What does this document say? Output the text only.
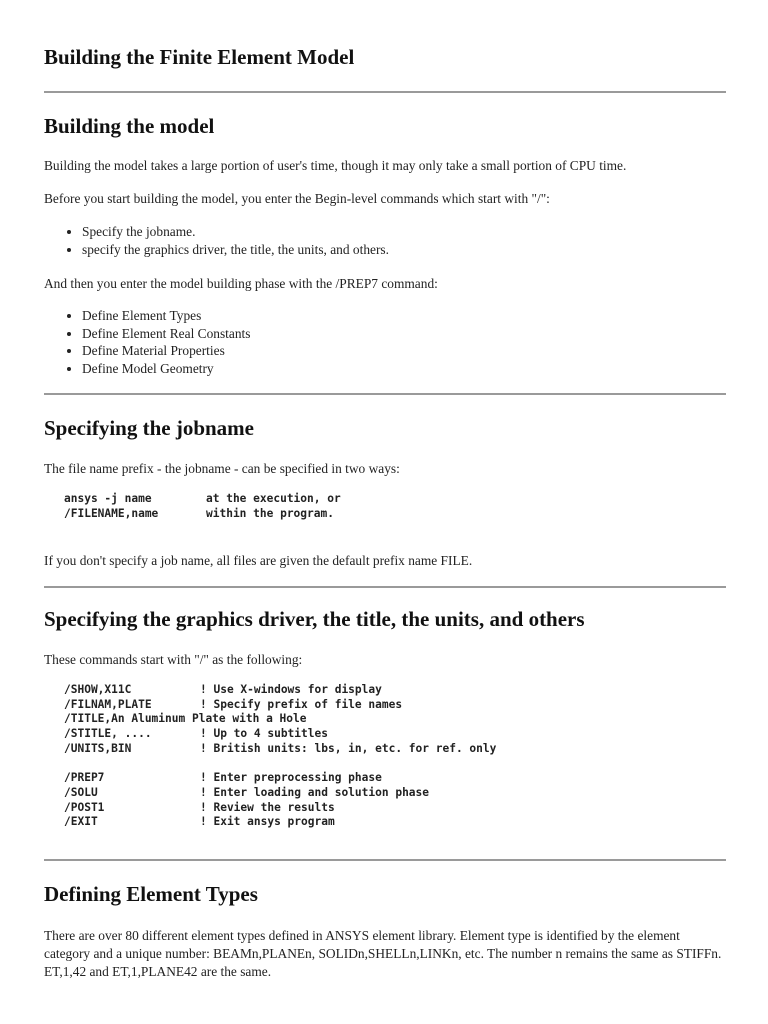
Building the Finite Element Model
Building the model

Building the model takes a large portion of user's time, though it may only take a small portion of CPU time.

Before you start building the model, you enter the Begin-level commands which start with "/":

• Specify the jobname.
• specify the graphics driver, the title, the units, and others.

And then you enter the model building phase with the /PREP7 command:

• Define Element Types
• Define Element Real Constants
• Define Material Properties
• Define Model Geometry
Specifying the jobname

The file name prefix - the jobname - can be specified in two ways:

ansys -j name	at the execution, or
/FILENAME,name	within the program.

If you don't specify a job name, all files are given the default prefix name FILE.

Specifying the graphics driver, the title, the units, and others

These commands start with "/" as the following:

/SHOW,X11C	! Use X-windows for display
/FILNAM,PLATE	! Specify prefix of file names
/TITLE,An Aluminum Plate with a Hole
/STITLE, ....	! Up to 4 subtitles
/UNITS,BIN	! British units: lbs, in, etc. for ref. only

/PREP7	! Enter preprocessing phase
/SOLU	! Enter loading and solution phase
/POST1	! Review the results
/EXIT	! Exit ansys program
Defining Element Types

There are over 80 different element types defined in ANSYS element library. Element type is identified by the element category and a unique number: BEAMn,PLANEn, SOLIDn,SHELLn,LINKn, etc. The number n remains the same as STIFFn. ET,1,42 and ET,1,PLANE42 are the same.
